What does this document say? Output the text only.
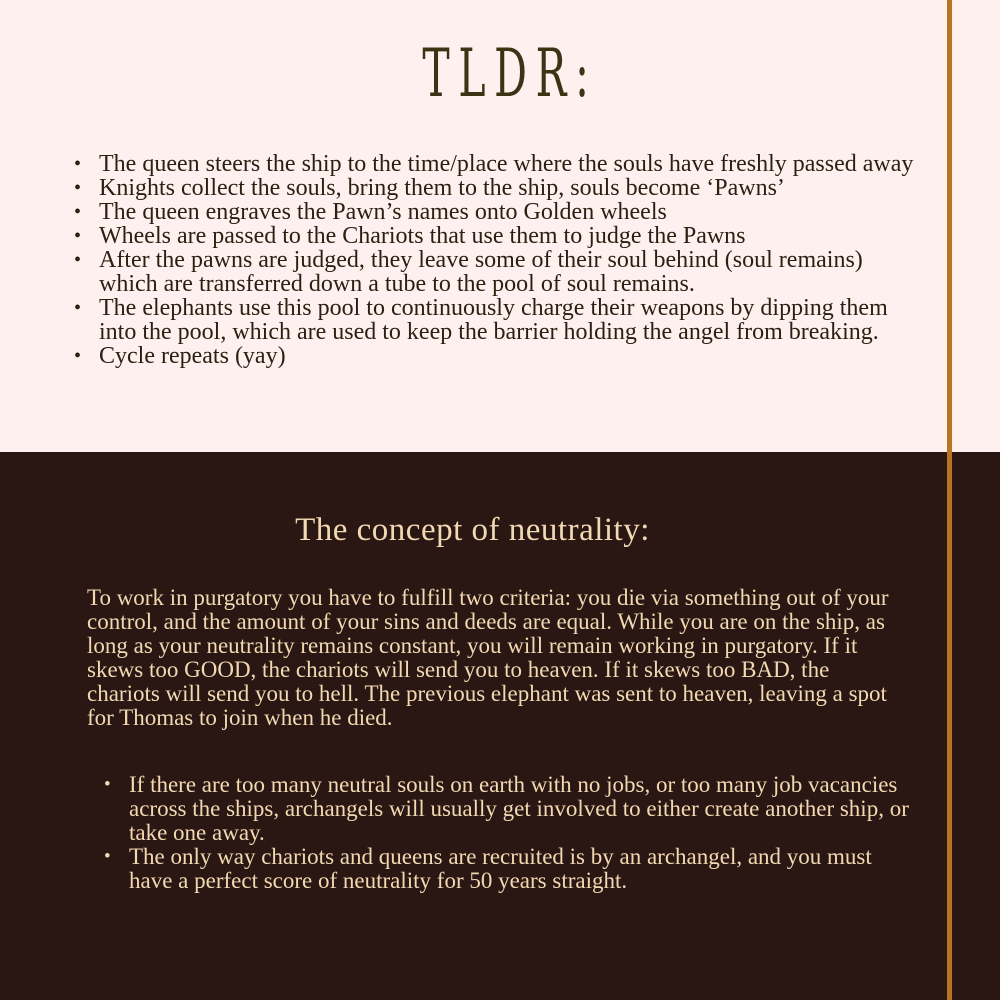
TLDR:
• The queen steers the ship to the time/place where the souls have freshly passed away
• Knights collect the souls, bring them to the ship, souls become ‘Pawns’
• The queen engraves the Pawn’s names onto Golden wheels
• Wheels are passed to the Chariots that use them to judge the Pawns
• After the pawns are judged, they leave some of their soul behind (soul remains) which are transferred down a tube to the pool of soul remains.
• The elephants use this pool to continuously charge their weapons by dipping them into the pool, which are used to keep the barrier holding the angel from breaking.
• Cycle repeats (yay)
The concept of neutrality:

To work in purgatory you have to fulfill two criteria: you die via something out of your control, and the amount of your sins and deeds are equal. While you are on the ship, as long as your neutrality remains constant, you will remain working in purgatory. If it skews too GOOD, the chariots will send you to heaven. If it skews too BAD, the chariots will send you to hell. The previous elephant was sent to heaven, leaving a spot for Thomas to join when he died.

• If there are too many neutral souls on earth with no jobs, or too many job vacancies across the ships, archangels will usually get involved to either create another ship, or take one away.
• The only way chariots and queens are recruited is by an archangel, and you must have a perfect score of neutrality for 50 years straight.
